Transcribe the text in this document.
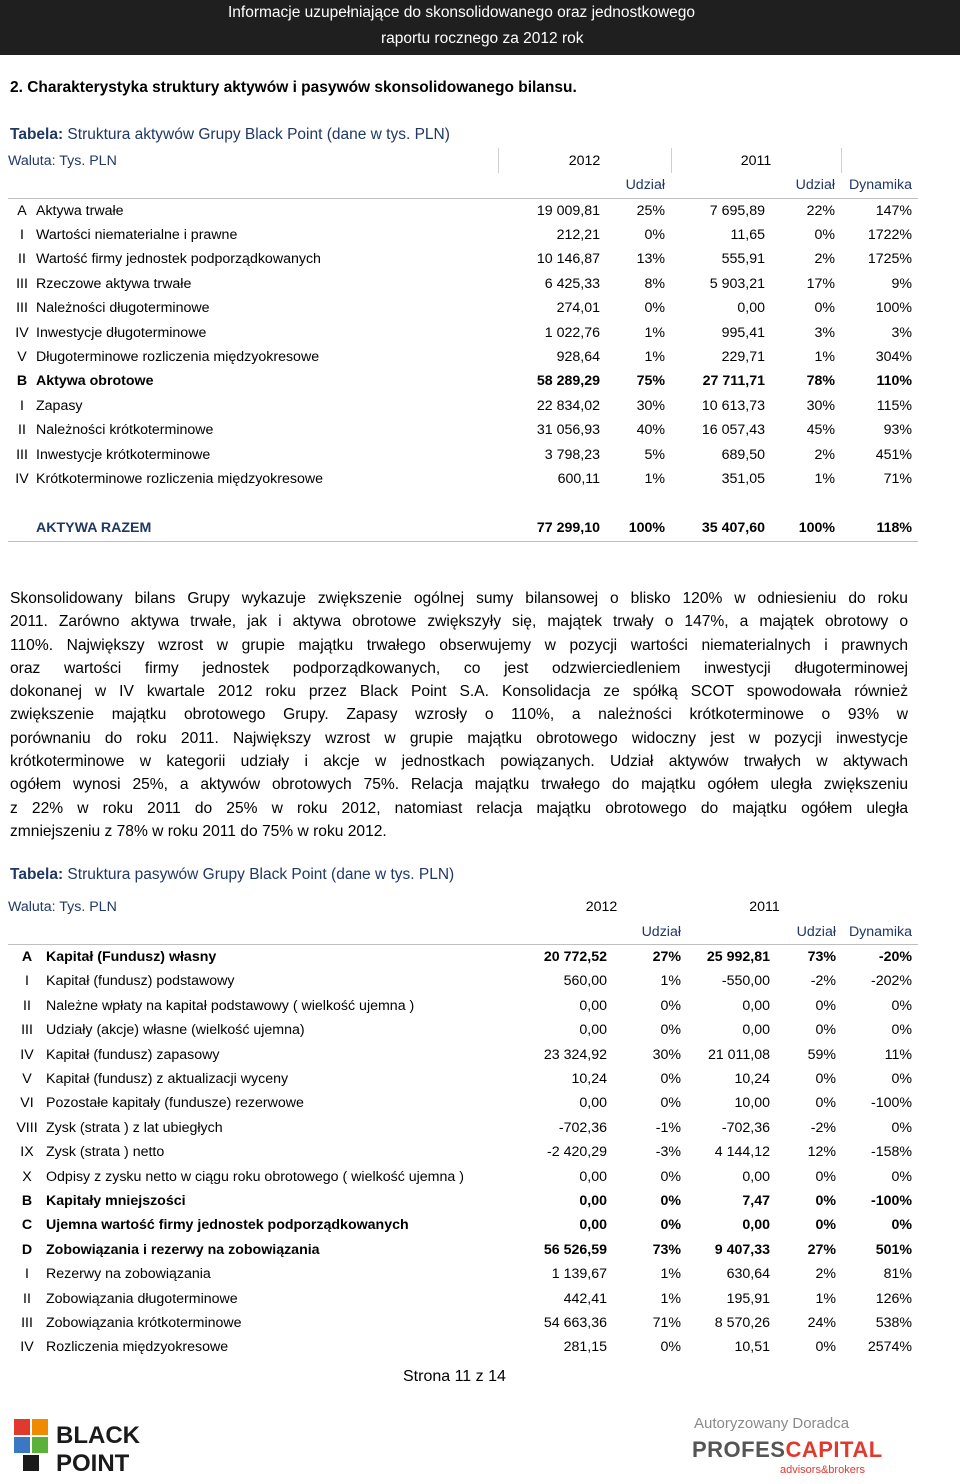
Informacje uzupełniające do skonsolidowanego oraz jednostkowego
raportu rocznego za 2012 rok
2. Charakterystyka struktury aktywów i pasywów skonsolidowanego bilansu.
Tabela: Struktura aktywów Grupy Black Point (dane w tys. PLN)
Waluta: Tys. PLN		2012		2011		
			Udział		Udział	Dynamika
A	Aktywa trwałe	19 009,81	25%	7 695,89	22%	147%
I	Wartości niematerialne i prawne	212,21	0%	11,65	0%	1722%
II	Wartość firmy jednostek podporządkowanych	10 146,87	13%	555,91	2%	1725%
III	Rzeczowe aktywa trwałe	6 425,33	8%	5 903,21	17%	9%
III	Należności długoterminowe	274,01	0%	0,00	0%	100%
IV	Inwestycje długoterminowe	1 022,76	1%	995,41	3%	3%
V	Długoterminowe rozliczenia międzyokresowe	928,64	1%	229,71	1%	304%
B	Aktywa obrotowe	58 289,29	75%	27 711,71	78%	110%
I	Zapasy	22 834,02	30%	10 613,73	30%	115%
II	Należności krótkoterminowe	31 056,93	40%	16 057,43	45%	93%
III	Inwestycje krótkoterminowe	3 798,23	5%	689,50	2%	451%
IV	Krótkoterminowe rozliczenia międzyokresowe	600,11	1%	351,05	1%	71%

	AKTYWA RAZEM	77 299,10	100%	35 407,60	100%	118%
Skonsolidowany bilans Grupy wykazuje zwiększenie ogólnej sumy bilansowej o blisko 120% w odniesieniu do roku
2011. Zarówno aktywa trwałe, jak i aktywa obrotowe zwiększyły się, majątek trwały o 147%, a majątek obrotowy o
110%. Największy wzrost w grupie majątku trwałego obserwujemy w pozycji wartości niematerialnych i prawnych
oraz wartości firmy jednostek podporządkowanych, co jest odzwierciedleniem inwestycji długoterminowej
dokonanej w IV kwartale 2012 roku przez Black Point S.A. Konsolidacja ze spółką SCOT spowodowała również
zwiększenie majątku obrotowego Grupy. Zapasy wzrosły o 110%, a należności krótkoterminowe o 93% w
porównaniu do roku 2011. Największy wzrost w grupie majątku obrotowego widoczny jest w pozycji inwestycje
krótkoterminowe w kategorii udziały i akcje w jednostkach powiązanych. Udział aktywów trwałych w aktywach
ogółem wynosi 25%, a aktywów obrotowych 75%. Relacja majątku trwałego do majątku ogółem uległa zwiększeniu
z 22% w roku 2011 do 25% w roku 2012, natomiast relacja majątku obrotowego do majątku ogółem uległa
zmniejszeniu z 78% w roku 2011 do 75% w roku 2012.
Tabela: Struktura pasywów Grupy Black Point (dane w tys. PLN)
Waluta: Tys. PLN		2012		2011		
			Udział		Udział	Dynamika
A	Kapitał (Fundusz) własny	20 772,52	27%	25 992,81	73%	-20%
I	Kapitał (fundusz) podstawowy	560,00	1%	-550,00	-2%	-202%
II	Należne wpłaty na kapitał podstawowy ( wielkość ujemna )	0,00	0%	0,00	0%	0%
III	Udziały (akcje) własne (wielkość ujemna)	0,00	0%	0,00	0%	0%
IV	Kapitał (fundusz) zapasowy	23 324,92	30%	21 011,08	59%	11%
V	Kapitał (fundusz) z aktualizacji wyceny	10,24	0%	10,24	0%	0%
VI	Pozostałe kapitały (fundusze) rezerwowe	0,00	0%	10,00	0%	-100%
VIII	Zysk (strata ) z lat ubiegłych	-702,36	-1%	-702,36	-2%	0%
IX	Zysk (strata ) netto	-2 420,29	-3%	4 144,12	12%	-158%
X	Odpisy z zysku netto w ciągu roku obrotowego ( wielkość ujemna )	0,00	0%	0,00	0%	0%
B	Kapitały mniejszości	0,00	0%	7,47	0%	-100%
C	Ujemna wartość firmy jednostek podporządkowanych	0,00	0%	0,00	0%	0%
D	Zobowiązania i rezerwy na zobowiązania	56 526,59	73%	9 407,33	27%	501%
I	Rezerwy na zobowiązania	1 139,67	1%	630,64	2%	81%
II	Zobowiązania długoterminowe	442,41	1%	195,91	1%	126%
III	Zobowiązania krótkoterminowe	54 663,36	71%	8 570,26	24%	538%
IV	Rozliczenia międzyokresowe	281,15	0%	10,51	0%	2574%
Strona 11 z 14
BLACK
POINT
Autoryzowany Doradca
PROFESCAPITAL
advisors&brokers
